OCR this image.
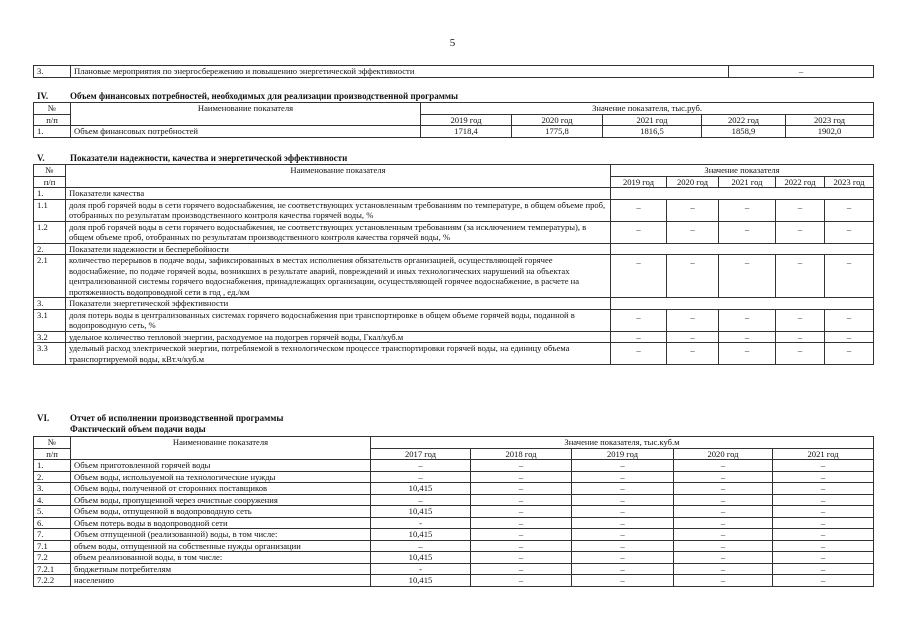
5
3.	Плановые мероприятия по энергосбережению и повышению энергетической эффективности	–
IV. Объем финансовых потребностей, необходимых для реализации производственной программы
№	Наименование показателя	Значение показателя, тыс.руб.				
п/п		2019 год	2020 год	2021 год	2022 год	2023 год
1.	Объем финансовых потребностей	1718,4	1775,8	1816,5	1858,9	1902,0
V.	Показатели надежности, качества и энергетической эффективности
№	Наименование показателя	Значение показателя				
п/п		2019 год	2020 год	2021 год	2022 год	2023 год
1.	Показатели качества					
1.1	доля проб горячей воды в сети горячего водоснабжения, не соответствующих установленным требованиям по температуре, в общем объеме проб, отобранных по результатам производственного контроля качества горячей воды, %	–	–	–	–	–
1.2	доля проб горячей воды в сети горячего водоснабжения, не соответствующих установленным требованиям (за исключением температуры), в общем объеме проб, отобранных по результатам производственного контроля качества горячей воды, %	–	–	–	–	–
2.	Показатели надежности и бесперебойности					
2.1	количество перерывов в подаче воды, зафиксированных в местах исполнения обязательств организацией, осуществляющей горячее водоснабжение, по подаче горячей воды, возникших в результате аварий, повреждений и иных технологических нарушений на объектах централизованной системы горячего водоснабжения, принадлежащих организации, осуществляющей горячее водоснабжение, в расчете на протяженность водопроводной сети в год , ед./км	–	–	–	–	–
3.	Показатели энергетической эффективности					
3.1	доля потерь воды в централизованных системах горячего водоснабжения при транспортировке в общем объеме горячей воды, поданной в водопроводную сеть, %	–	–	–	–	–
3.2	удельное количество тепловой энергии, расходуемое на подогрев горячей воды, Гкал/куб.м	–	–	–	–	–
3.3	удельный расход электрической энергии, потребляемой в технологическом процессе транспортировки горячей воды, на единицу объема транспортируемой воды, кВт.ч/куб.м	–	–	–	–	–
VI. Отчет об исполнении производственной программы
Фактический объем подачи воды
№	Наименование показателя	Значение показателя, тыс.куб.м				
п/п		2017 год	2018 год	2019 год	2020 год	2021 год
1.	Объем приготовленной горячей воды	–	–	–	–	–
2.	Объем воды, используемой на технологические нужды	–	–	–	–	–
3.	Объем воды, полученной от сторонних поставщиков	10,415	–	–	–	–
4.	Объем воды, пропущенной через очистные сооружения	–	–	–	–	–
5.	Объем воды, отпущенной в водопроводную сеть	10,415	–	–	–	–
6.	Объем потерь воды в водопроводной сети	-	–	–	–	–
7.	Объем отпущенной (реализованной) воды, в том числе:	10,415	–	–	–	–
7.1	объем воды, отпущенной на собственные нужды организации	–	–	–	–	–
7.2	объем реализованной воды, в том числе:	10,415	–	–	–	–
7.2.1	бюджетным потребителям	-	–	–	–	–
7.2.2	населению	10,415	–	–	–	–
